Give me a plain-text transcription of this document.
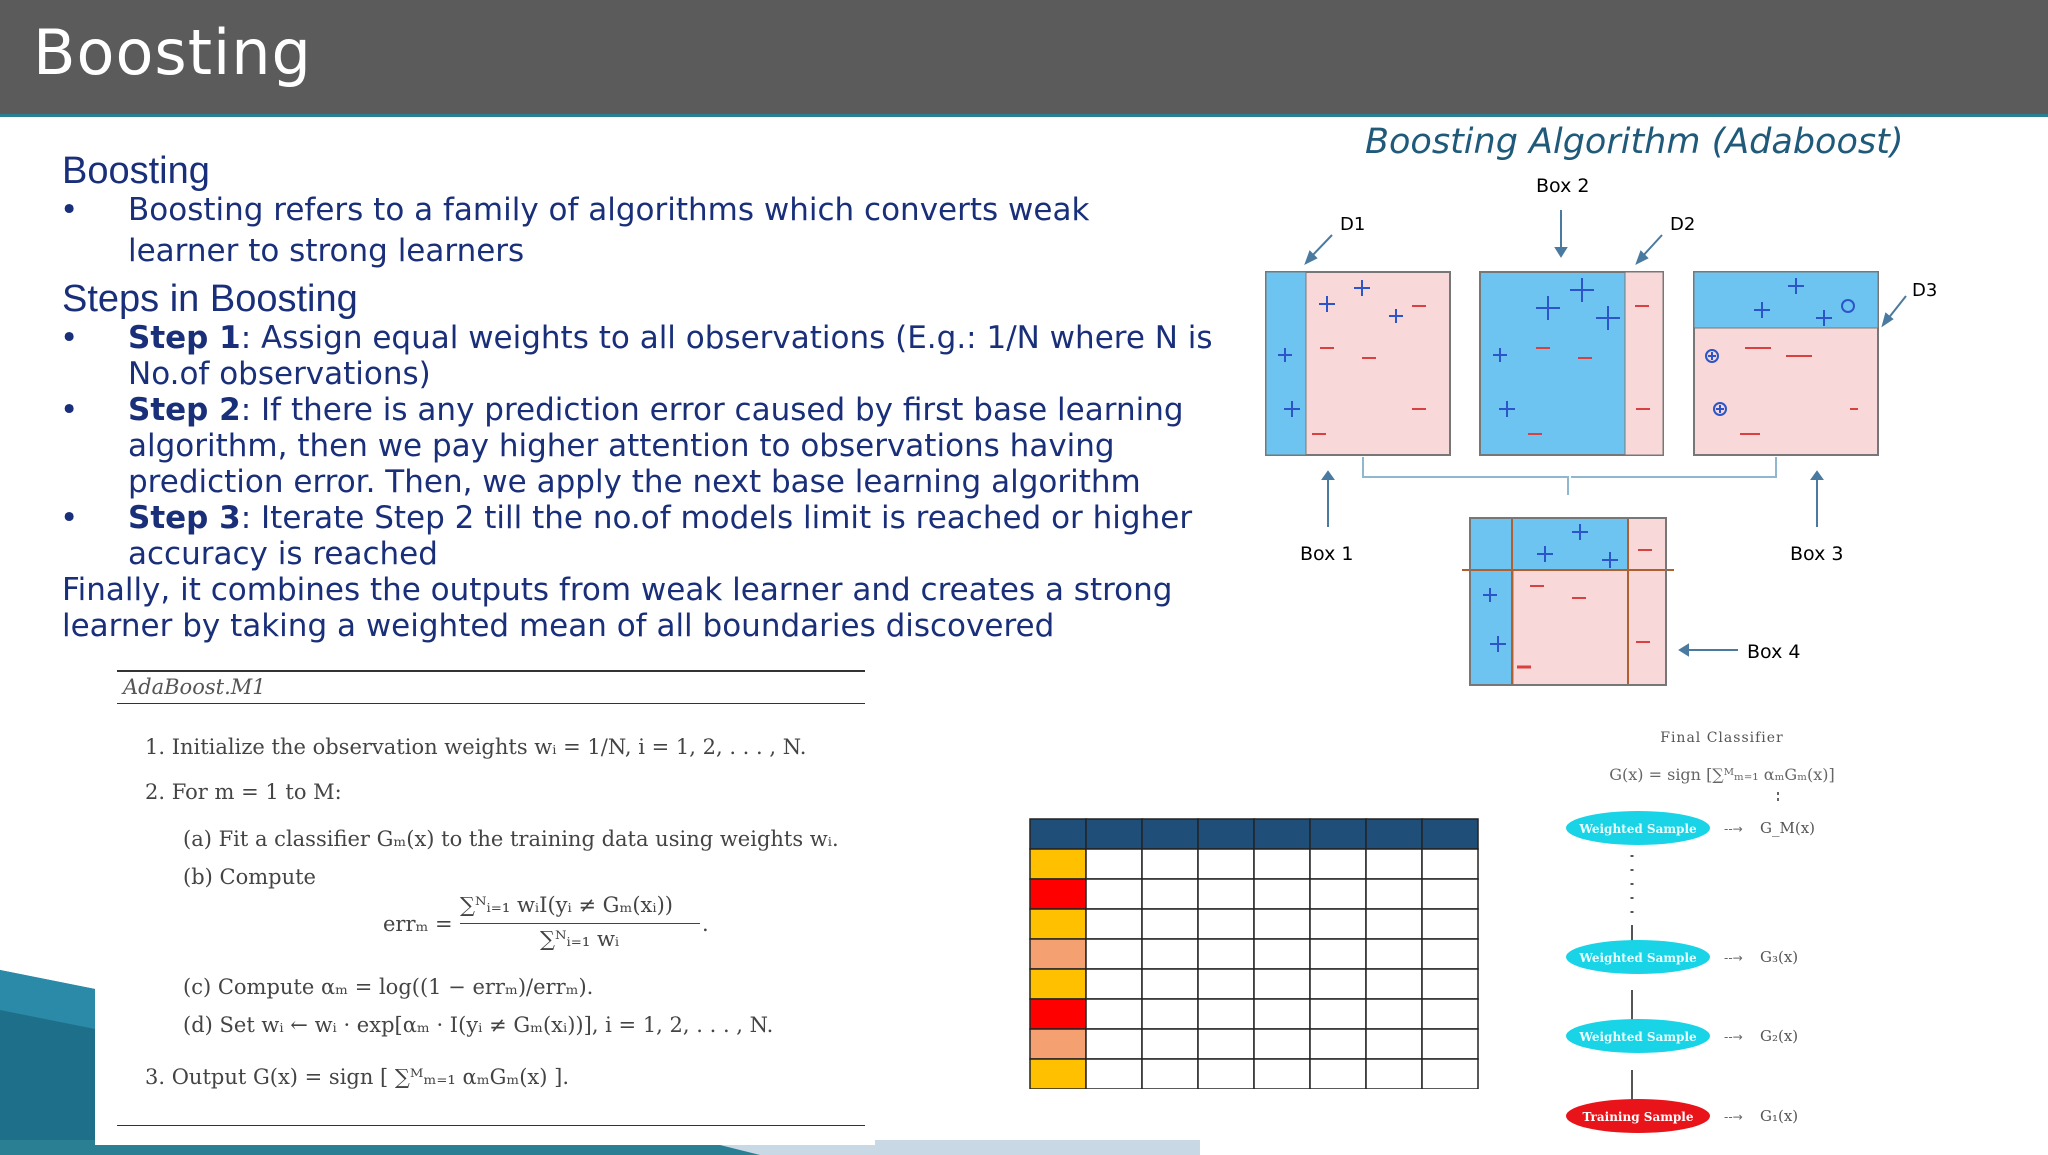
Boosting
Boosting
• Boosting refers to a family of algorithms which converts weak
learner to strong learners
Steps in Boosting
• Step 1: Assign equal weights to all observations (E.g.: 1/N where N is
No.of observations)
• Step 2: If there is any prediction error caused by first base learning
algorithm, then we pay higher attention to observations having
prediction error. Then, we apply the next base learning algorithm
• Step 3: Iterate Step 2 till the no.of models limit is reached or higher
accuracy is reached
Finally, it combines the outputs from weak learner and creates a strong
learner by taking a weighted mean of all boundaries discovered
AdaBoost.M1
1. Initialize the observation weights wᵢ = 1/N, i = 1, 2, . . . , N.
2. For m = 1 to M:
(a) Fit a classifier Gₘ(x) to the training data using weights wᵢ.
(b) Compute
errₘ =
∑ᴺᵢ₌₁ wᵢI(yᵢ ≠ Gₘ(xᵢ))
∑ᴺᵢ₌₁ wᵢ
.
(c) Compute αₘ = log((1 − errₘ)/errₘ).
(d) Set wᵢ ← wᵢ · exp[αₘ · I(yᵢ ≠ Gₘ(xᵢ))], i = 1, 2, . . . , N.
3. Output G(x) = sign [ ∑ᴹₘ₌₁ αₘGₘ(x) ].
Boosting Algorithm (Adaboost)
D1
Box 2
D2
D3
Box 1	Box 3
Box 4
Final Classifier
G(x) = sign [∑ᴹₘ₌₁ αₘGₘ(x)]
Weighted Sample --→ G_M(x)
Weighted Sample --→ G₃(x)
Weighted Sample --→ G₂(x)
Training Sample	--→ G₁(x)
